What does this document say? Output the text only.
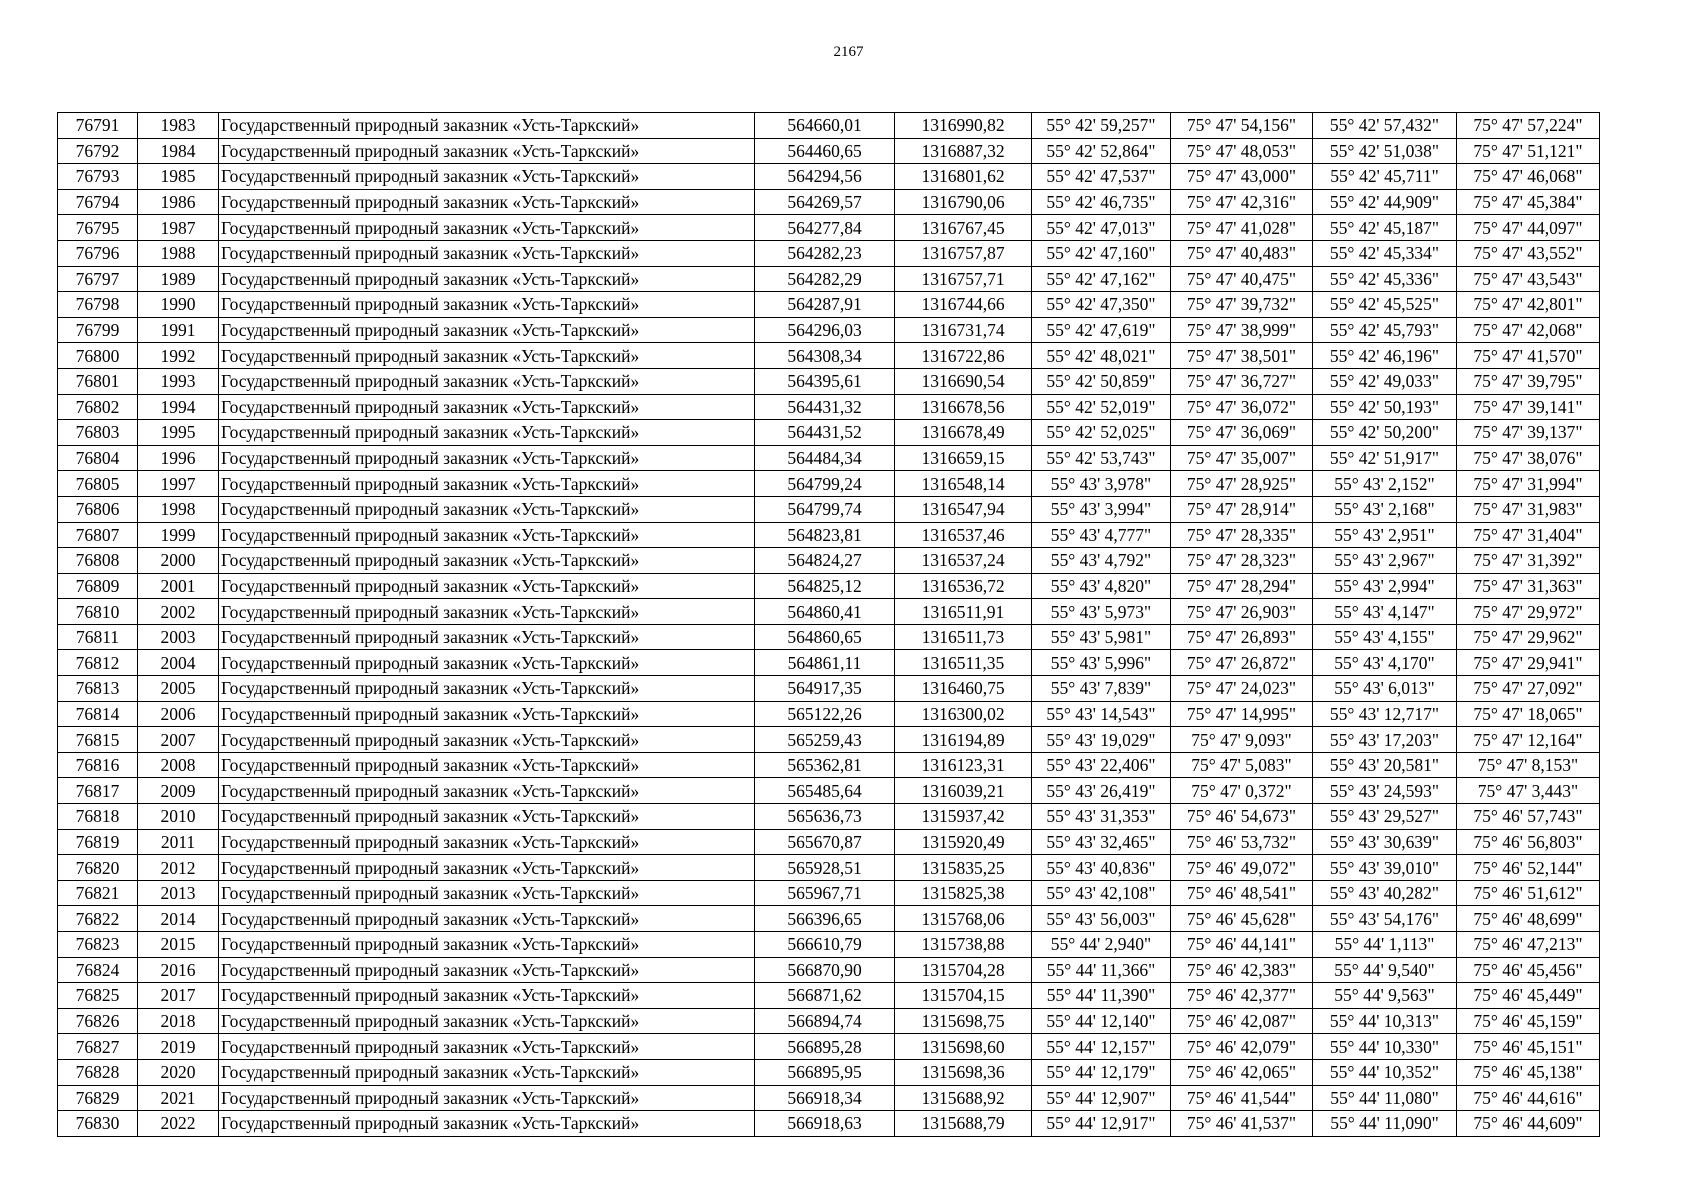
2167
76791	1983	Государственный природный заказник «Усть-Таркский»	564660,01	1316990,82	55° 42' 59,257"	75° 47' 54,156"	55° 42' 57,432"	75° 47' 57,224"
76792	1984	Государственный природный заказник «Усть-Таркский»	564460,65	1316887,32	55° 42' 52,864"	75° 47' 48,053"	55° 42' 51,038"	75° 47' 51,121"
76793	1985	Государственный природный заказник «Усть-Таркский»	564294,56	1316801,62	55° 42' 47,537"	75° 47' 43,000"	55° 42' 45,711"	75° 47' 46,068"
76794	1986	Государственный природный заказник «Усть-Таркский»	564269,57	1316790,06	55° 42' 46,735"	75° 47' 42,316"	55° 42' 44,909"	75° 47' 45,384"
76795	1987	Государственный природный заказник «Усть-Таркский»	564277,84	1316767,45	55° 42' 47,013"	75° 47' 41,028"	55° 42' 45,187"	75° 47' 44,097"
76796	1988	Государственный природный заказник «Усть-Таркский»	564282,23	1316757,87	55° 42' 47,160"	75° 47' 40,483"	55° 42' 45,334"	75° 47' 43,552"
76797	1989	Государственный природный заказник «Усть-Таркский»	564282,29	1316757,71	55° 42' 47,162"	75° 47' 40,475"	55° 42' 45,336"	75° 47' 43,543"
76798	1990	Государственный природный заказник «Усть-Таркский»	564287,91	1316744,66	55° 42' 47,350"	75° 47' 39,732"	55° 42' 45,525"	75° 47' 42,801"
76799	1991	Государственный природный заказник «Усть-Таркский»	564296,03	1316731,74	55° 42' 47,619"	75° 47' 38,999"	55° 42' 45,793"	75° 47' 42,068"
76800	1992	Государственный природный заказник «Усть-Таркский»	564308,34	1316722,86	55° 42' 48,021"	75° 47' 38,501"	55° 42' 46,196"	75° 47' 41,570"
76801	1993	Государственный природный заказник «Усть-Таркский»	564395,61	1316690,54	55° 42' 50,859"	75° 47' 36,727"	55° 42' 49,033"	75° 47' 39,795"
76802	1994	Государственный природный заказник «Усть-Таркский»	564431,32	1316678,56	55° 42' 52,019"	75° 47' 36,072"	55° 42' 50,193"	75° 47' 39,141"
76803	1995	Государственный природный заказник «Усть-Таркский»	564431,52	1316678,49	55° 42' 52,025"	75° 47' 36,069"	55° 42' 50,200"	75° 47' 39,137"
76804	1996	Государственный природный заказник «Усть-Таркский»	564484,34	1316659,15	55° 42' 53,743"	75° 47' 35,007"	55° 42' 51,917"	75° 47' 38,076"
76805	1997	Государственный природный заказник «Усть-Таркский»	564799,24	1316548,14	55° 43' 3,978"	75° 47' 28,925"	55° 43' 2,152"	75° 47' 31,994"
76806	1998	Государственный природный заказник «Усть-Таркский»	564799,74	1316547,94	55° 43' 3,994"	75° 47' 28,914"	55° 43' 2,168"	75° 47' 31,983"
76807	1999	Государственный природный заказник «Усть-Таркский»	564823,81	1316537,46	55° 43' 4,777"	75° 47' 28,335"	55° 43' 2,951"	75° 47' 31,404"
76808	2000	Государственный природный заказник «Усть-Таркский»	564824,27	1316537,24	55° 43' 4,792"	75° 47' 28,323"	55° 43' 2,967"	75° 47' 31,392"
76809	2001	Государственный природный заказник «Усть-Таркский»	564825,12	1316536,72	55° 43' 4,820"	75° 47' 28,294"	55° 43' 2,994"	75° 47' 31,363"
76810	2002	Государственный природный заказник «Усть-Таркский»	564860,41	1316511,91	55° 43' 5,973"	75° 47' 26,903"	55° 43' 4,147"	75° 47' 29,972"
76811	2003	Государственный природный заказник «Усть-Таркский»	564860,65	1316511,73	55° 43' 5,981"	75° 47' 26,893"	55° 43' 4,155"	75° 47' 29,962"
76812	2004	Государственный природный заказник «Усть-Таркский»	564861,11	1316511,35	55° 43' 5,996"	75° 47' 26,872"	55° 43' 4,170"	75° 47' 29,941"
76813	2005	Государственный природный заказник «Усть-Таркский»	564917,35	1316460,75	55° 43' 7,839"	75° 47' 24,023"	55° 43' 6,013"	75° 47' 27,092"
76814	2006	Государственный природный заказник «Усть-Таркский»	565122,26	1316300,02	55° 43' 14,543"	75° 47' 14,995"	55° 43' 12,717"	75° 47' 18,065"
76815	2007	Государственный природный заказник «Усть-Таркский»	565259,43	1316194,89	55° 43' 19,029"	75° 47' 9,093"	55° 43' 17,203"	75° 47' 12,164"
76816	2008	Государственный природный заказник «Усть-Таркский»	565362,81	1316123,31	55° 43' 22,406"	75° 47' 5,083"	55° 43' 20,581"	75° 47' 8,153"
76817	2009	Государственный природный заказник «Усть-Таркский»	565485,64	1316039,21	55° 43' 26,419"	75° 47' 0,372"	55° 43' 24,593"	75° 47' 3,443"
76818	2010	Государственный природный заказник «Усть-Таркский»	565636,73	1315937,42	55° 43' 31,353"	75° 46' 54,673"	55° 43' 29,527"	75° 46' 57,743"
76819	2011	Государственный природный заказник «Усть-Таркский»	565670,87	1315920,49	55° 43' 32,465"	75° 46' 53,732"	55° 43' 30,639"	75° 46' 56,803"
76820	2012	Государственный природный заказник «Усть-Таркский»	565928,51	1315835,25	55° 43' 40,836"	75° 46' 49,072"	55° 43' 39,010"	75° 46' 52,144"
76821	2013	Государственный природный заказник «Усть-Таркский»	565967,71	1315825,38	55° 43' 42,108"	75° 46' 48,541"	55° 43' 40,282"	75° 46' 51,612"
76822	2014	Государственный природный заказник «Усть-Таркский»	566396,65	1315768,06	55° 43' 56,003"	75° 46' 45,628"	55° 43' 54,176"	75° 46' 48,699"
76823	2015	Государственный природный заказник «Усть-Таркский»	566610,79	1315738,88	55° 44' 2,940"	75° 46' 44,141"	55° 44' 1,113"	75° 46' 47,213"
76824	2016	Государственный природный заказник «Усть-Таркский»	566870,90	1315704,28	55° 44' 11,366"	75° 46' 42,383"	55° 44' 9,540"	75° 46' 45,456"
76825	2017	Государственный природный заказник «Усть-Таркский»	566871,62	1315704,15	55° 44' 11,390"	75° 46' 42,377"	55° 44' 9,563"	75° 46' 45,449"
76826	2018	Государственный природный заказник «Усть-Таркский»	566894,74	1315698,75	55° 44' 12,140"	75° 46' 42,087"	55° 44' 10,313"	75° 46' 45,159"
76827	2019	Государственный природный заказник «Усть-Таркский»	566895,28	1315698,60	55° 44' 12,157"	75° 46' 42,079"	55° 44' 10,330"	75° 46' 45,151"
76828	2020	Государственный природный заказник «Усть-Таркский»	566895,95	1315698,36	55° 44' 12,179"	75° 46' 42,065"	55° 44' 10,352"	75° 46' 45,138"
76829	2021	Государственный природный заказник «Усть-Таркский»	566918,34	1315688,92	55° 44' 12,907"	75° 46' 41,544"	55° 44' 11,080"	75° 46' 44,616"
76830	2022	Государственный природный заказник «Усть-Таркский»	566918,63	1315688,79	55° 44' 12,917"	75° 46' 41,537"	55° 44' 11,090"	75° 46' 44,609"
